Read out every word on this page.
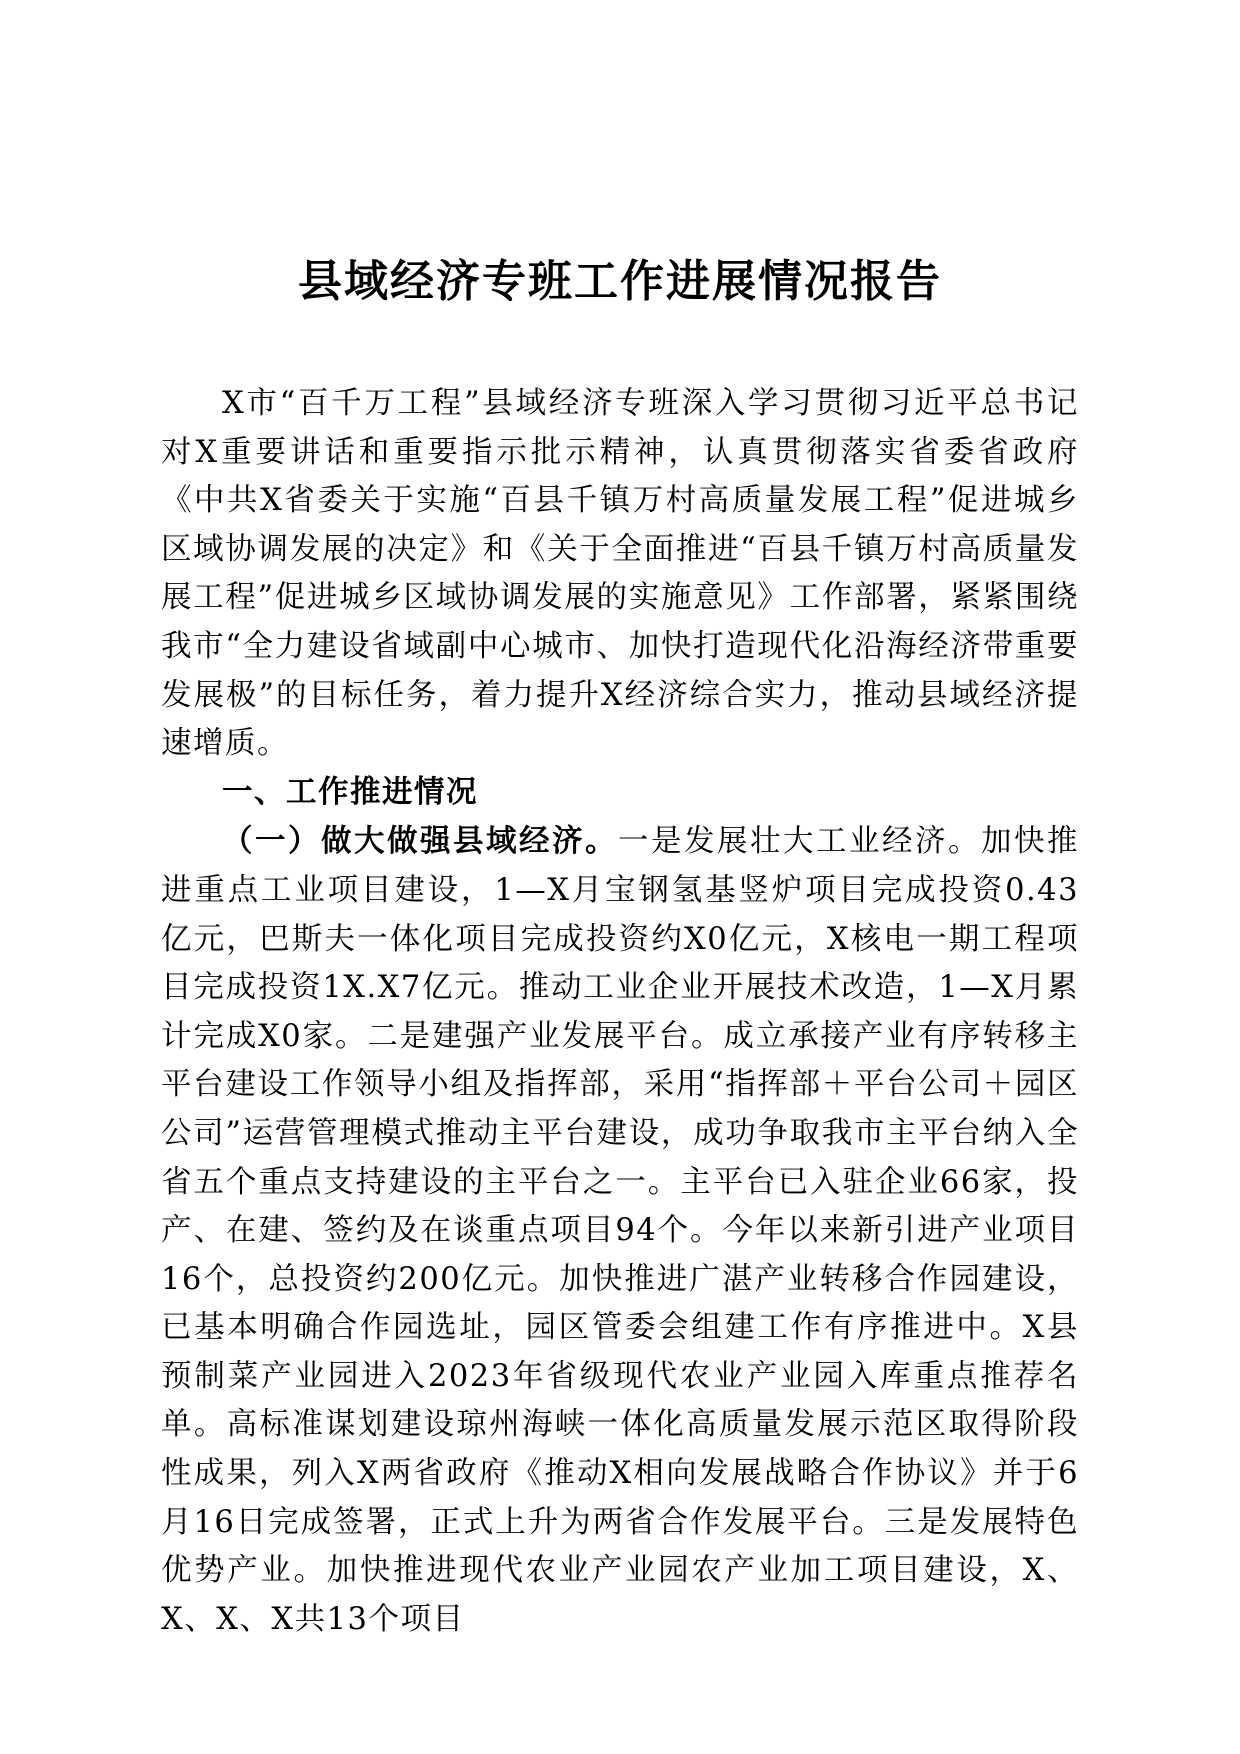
县域经济专班工作进展情况报告

X市“百千万工程”县域经济专班深入学习贯彻习近平总书记对X重要讲话和重要指示批示精神，认真贯彻落实省委省政府《中共X省委关于实施“百县千镇万村高质量发展工程”促进城乡区域协调发展的决定》和《关于全面推进“百县千镇万村高质量发展工程”促进城乡区域协调发展的实施意见》工作部署，紧紧围绕我市“全力建设省域副中心城市、加快打造现代化沿海经济带重要发展极”的目标任务，着力提升X经济综合实力，推动县域经济提速增质。

一、工作推进情况

（一）做大做强县域经济。一是发展壮大工业经济。加快推进重点工业项目建设，1—X月宝钢氢基竖炉项目完成投资0.43亿元，巴斯夫一体化项目完成投资约X0亿元，X核电一期工程项目完成投资1X.X7亿元。推动工业企业开展技术改造，1—X月累计完成X0家。二是建强产业发展平台。成立承接产业有序转移主平台建设工作领导小组及指挥部，采用“指挥部＋平台公司＋园区公司”运营管理模式推动主平台建设，成功争取我市主平台纳入全省五个重点支持建设的主平台之一。主平台已入驻企业66家，投产、在建、签约及在谈重点项目94个。今年以来新引进产业项目16个，总投资约200亿元。加快推进广湛产业转移合作园建设，已基本明确合作园选址，园区管委会组建工作有序推进中。X县预制菜产业园进入2023年省级现代农业产业园入库重点推荐名单。高标准谋划建设琼州海峡一体化高质量发展示范区取得阶段性成果，列入X两省政府《推动X相向发展战略合作协议》并于6月16日完成签署，正式上升为两省合作发展平台。三是发展特色优势产业。加快推进现代农业产业园农产业加工项目建设，X、X、X、X共13个项目
